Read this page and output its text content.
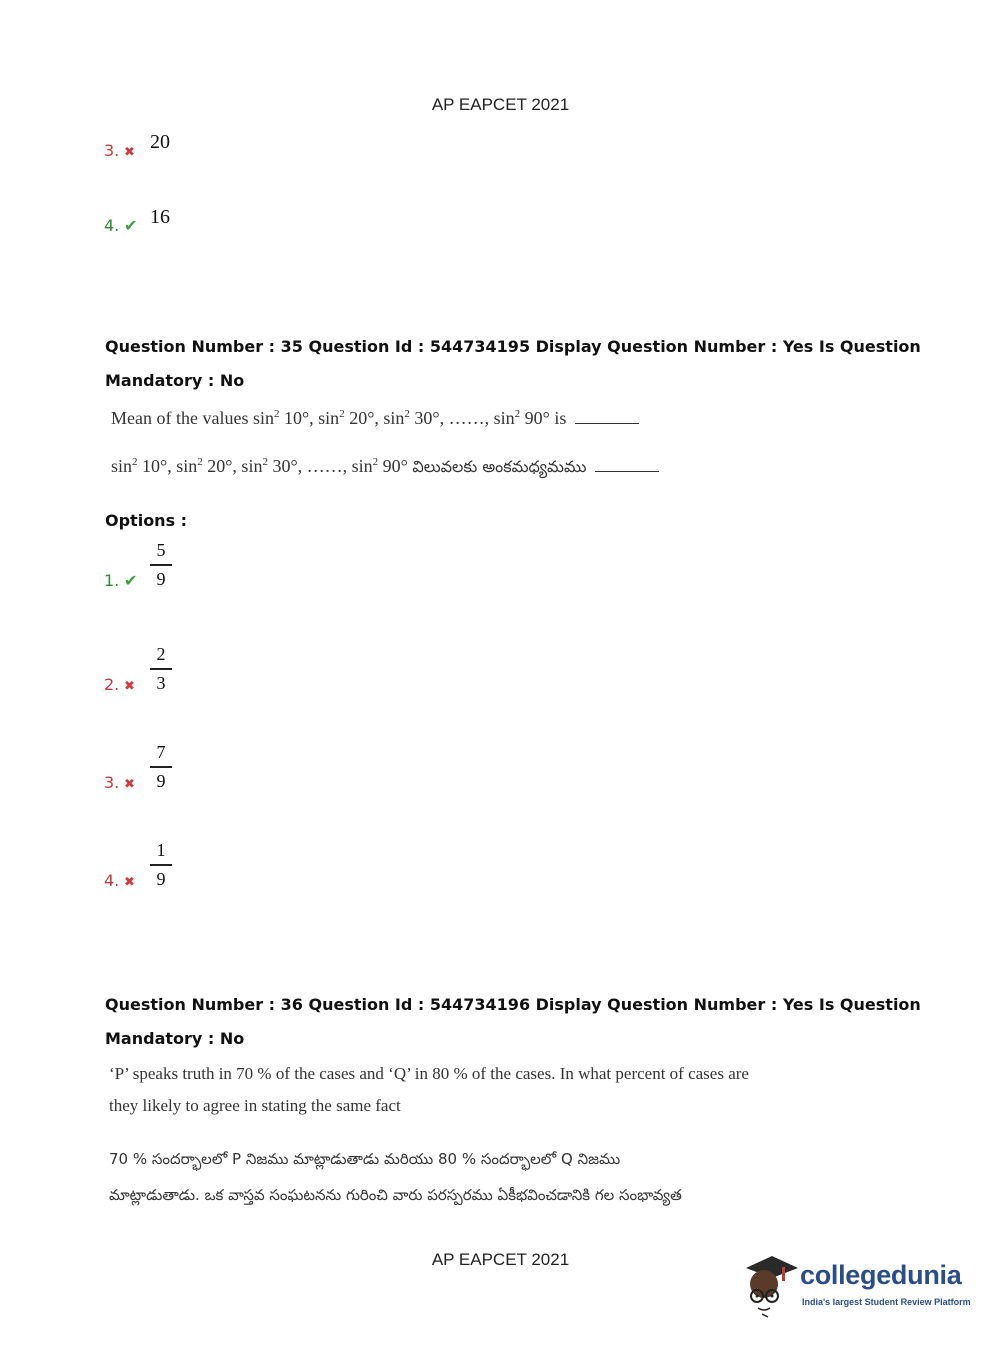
AP EAPCET 2021
3. ✖ 20
4. ✔ 16
Question Number : 35 Question Id : 544734195 Display Question Number : Yes Is Question
Mandatory : No
Mean of the values $\sin^2 10^\circ$, $\sin^2 20^\circ$, $\sin^2 30^\circ$, ……, $\sin^2 90^\circ$ is
$\sin^2 10^\circ$, $\sin^2 20^\circ$, $\sin^2 30^\circ$, ……, $\sin^2 90^\circ$ విలువలకు అంకమధ్యమము
Options :
1. ✔ $\frac{5}{9}$
2. ✖ $\frac{2}{3}$
3. ✖ $\frac{7}{9}$
4. ✖ $\frac{1}{9}$
Question Number : 36 Question Id : 544734196 Display Question Number : Yes Is Question
Mandatory : No
‘P’ speaks truth in 70 % of the cases and ‘Q’ in 80 % of the cases. In what percent of cases are
they likely to agree in stating the same fact
70 % సందర్భాలలో P నిజము మాట్లాడుతాడు మరియు 80 % సందర్భాలలో Q నిజము
మాట్లాడుతాడు. ఒక వాస్తవ సంఘటనను గురించి వారు పరస్పరము ఏకీభవించడానికి గల సంభావ్యత
AP EAPCET 2021
collegedunia
India's largest Student Review Platform
